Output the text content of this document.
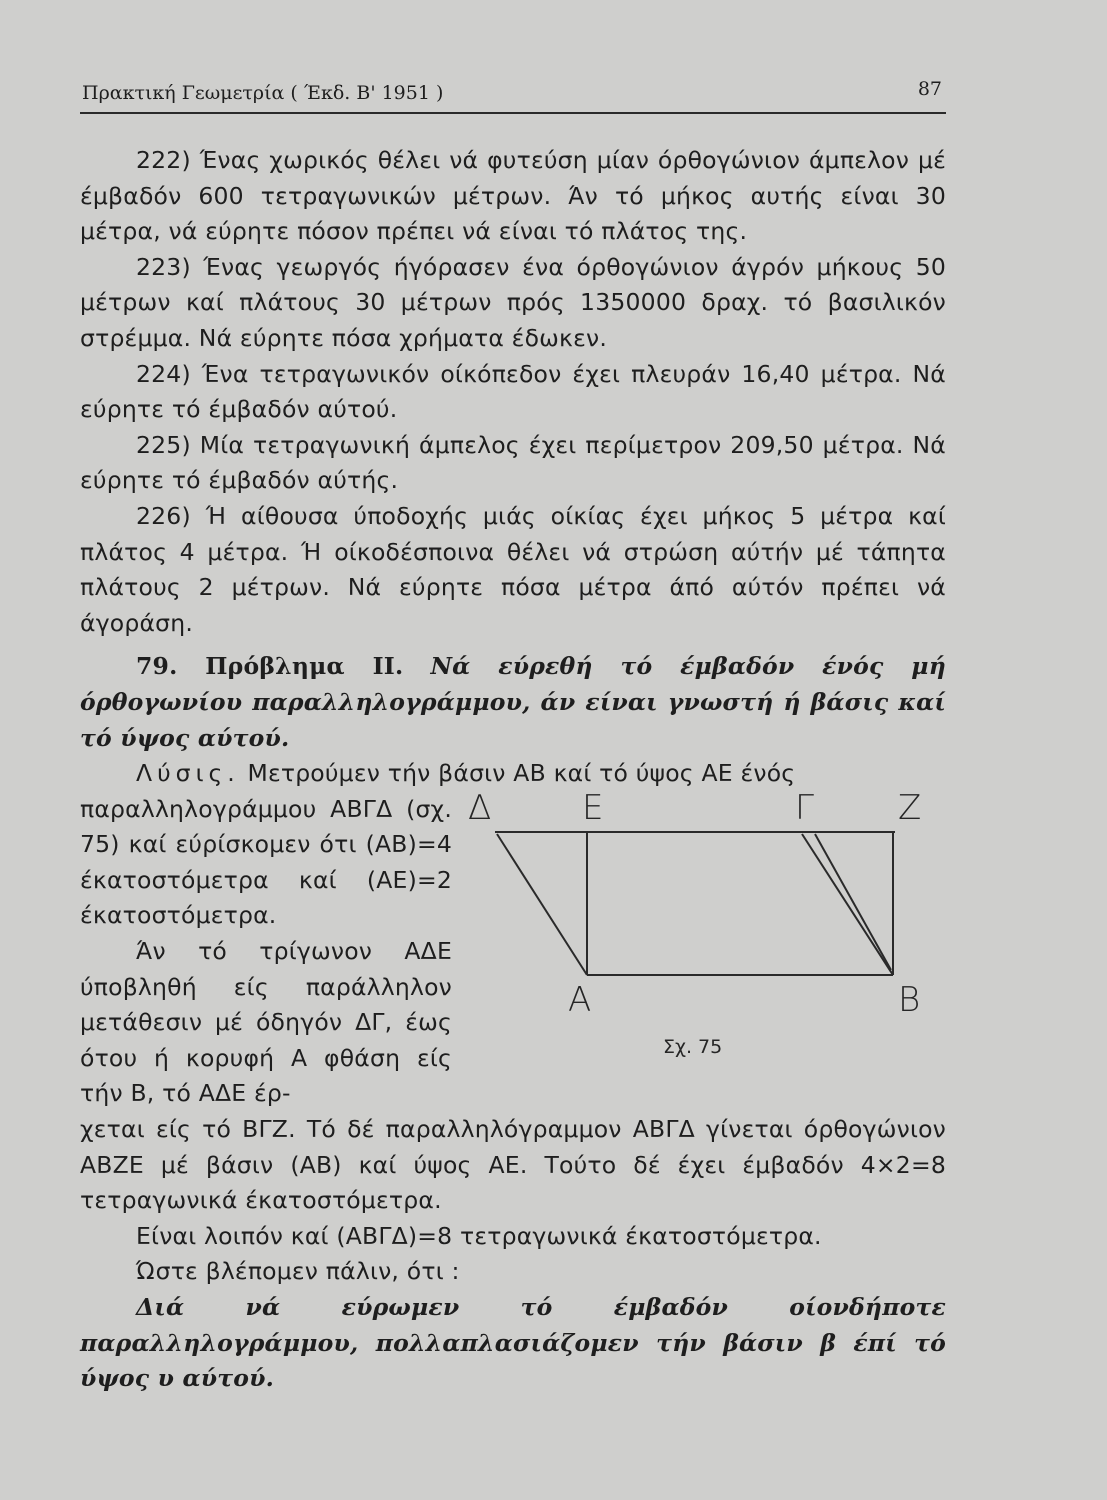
Πρακτική Γεωμετρία ( Έκδ. Β' 1951 )	87

222) Ένας χωρικός θέλει νά φυτεύση μίαν όρθογώνιον άμπελον μέ έμβαδόν 600 τετραγωνικών μέτρων. Άν τό μήκος αυτής είναι 30 μέτρα, νά εύρητε πόσον πρέπει νά είναι τό πλάτος της.

223) Ένας γεωργός ήγόρασεν ένα όρθογώνιον άγρόν μήκους 50 μέτρων καί πλάτους 30 μέτρων πρός 1350000 δραχ. τό βασιλικόν στρέμμα. Νά εύρητε πόσα χρήματα έδωκεν.

224) Ένα τετραγωνικόν οίκόπεδον έχει πλευράν 16,40 μέτρα. Νά εύρητε τό έμβαδόν αύτού.

225) Μία τετραγωνική άμπελος έχει περίμετρον 209,50 μέτρα. Νά εύρητε τό έμβαδόν αύτής.

226) Ή αίθουσα ύποδοχής μιάς οίκίας έχει μήκος 5 μέτρα καί πλάτος 4 μέτρα. Ή οίκοδέσποινα θέλει νά στρώση αύτήν μέ τάπητα πλάτους 2 μέτρων. Νά εύρητε πόσα μέτρα άπό αύτόν πρέπει νά άγοράση.

79. Πρόβλημα ΙΙ. Νά εύρεθή τό έμβαδόν ένός μή όρθογωνίου παραλληλογράμμου, άν είναι γνωστή ή βάσις καί τό ύψος αύτού.

Λύσις. Μετρούμεν τήν βάσιν ΑΒ καί τό ύψος ΑΕ ένός

παραλληλογράμμου ΑΒΓΔ (σχ. 75) καί εύρίσκομεν ότι (ΑΒ)=4 έκατοστόμετρα καί (ΑΕ)=2 έκατοστόμετρα.

Άν τό τρίγωνον ΑΔΕ ύποβληθή είς παράλληλον μετάθεσιν μέ όδηγόν ΔΓ, έως ότου ή κορυφή Α φθάση είς τήν Β, τό ΑΔΕ έρ-

χεται είς τό ΒΓΖ. Τό δέ παραλληλόγραμμον ΑΒΓΔ γίνεται όρθογώνιον ΑΒΖΕ μέ βάσιν (ΑΒ) καί ύψος ΑΕ. Τούτο δέ έχει έμβαδόν 4×2=8 τετραγωνικά έκατοστόμετρα.

Είναι λοιπόν καί (ΑΒΓΔ)=8 τετραγωνικά έκατοστόμετρα.

Ώστε βλέπομεν πάλιν, ότι :

Διά νά εύρωμεν τό έμβαδόν οίονδήποτε παραλληλογράμμου, πολλαπλασιάζομεν τήν βάσιν β έπί τό ύψος υ αύτού.

Δ	Ε	Γ Ζ
Α	Β
Σχ. 75
